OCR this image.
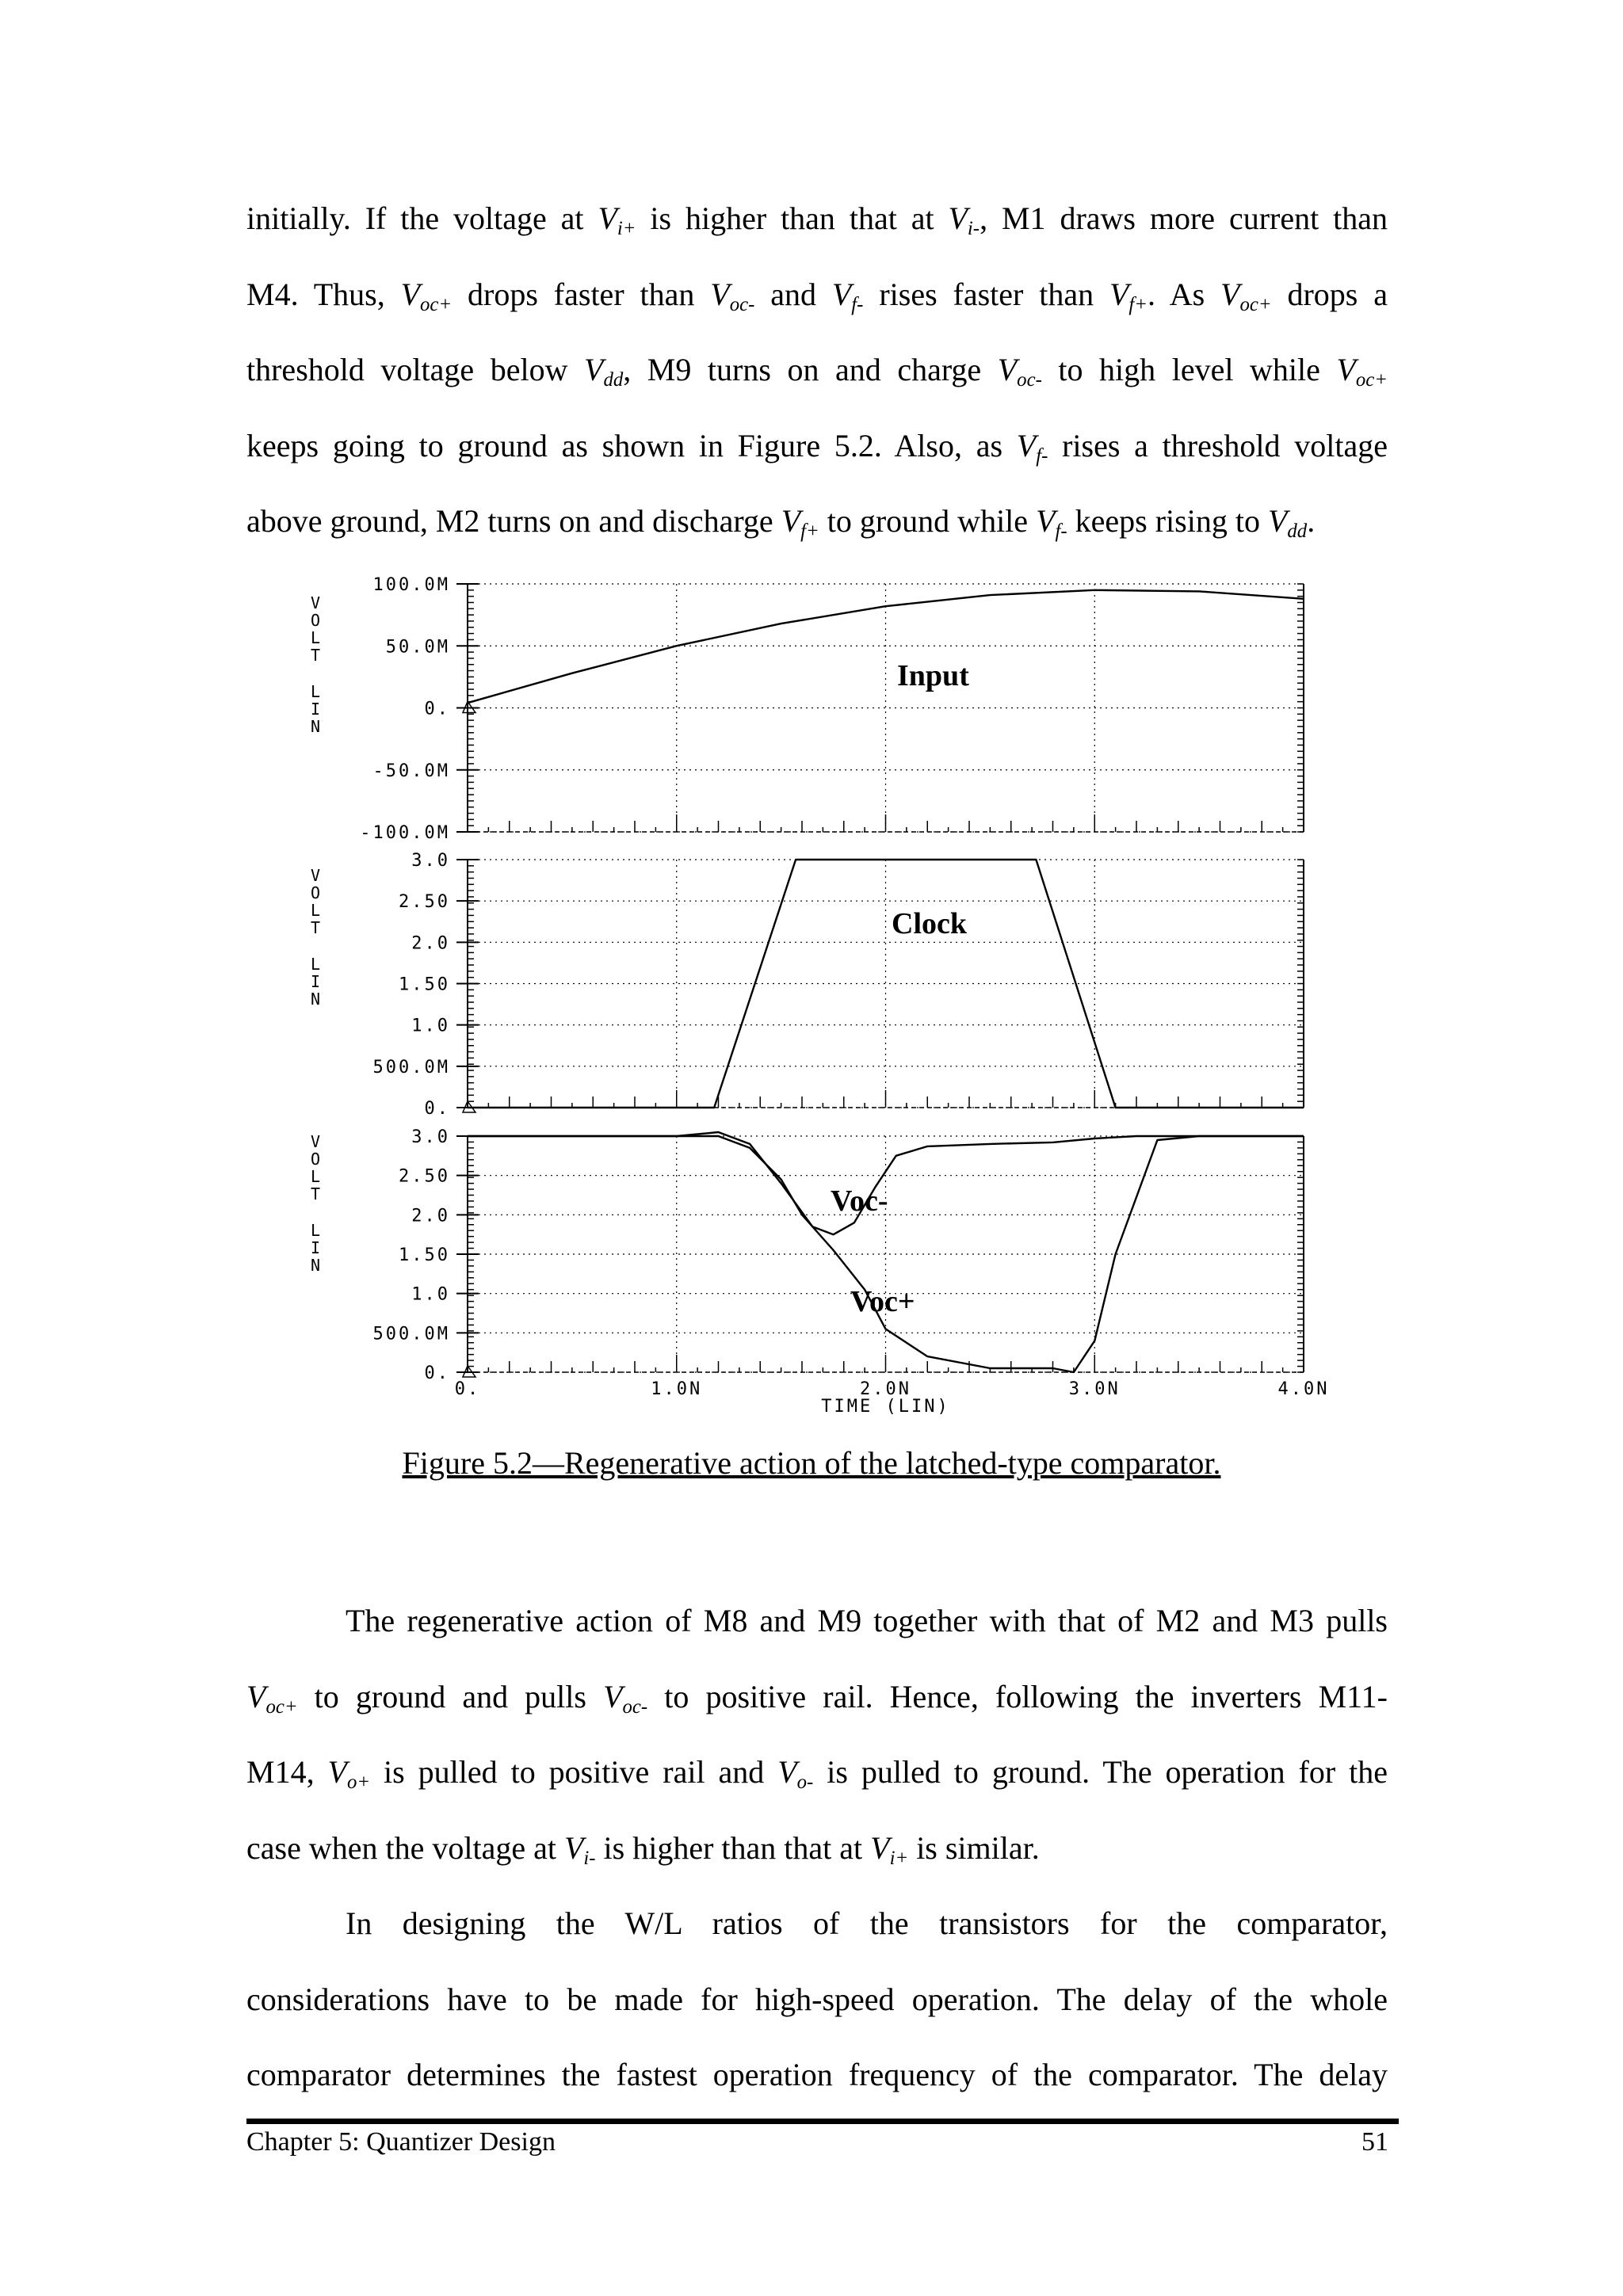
initially. If the voltage at $V_{i+}$ is higher than that at $V_{i-}$, M1 draws more current than
M4. Thus, $V_{oc+}$ drops faster than $V_{oc-}$ and $V_{f-}$ rises faster than $V_{f+}$. As $V_{oc+}$ drops a
threshold voltage below $V_{dd}$, M9 turns on and charge $V_{oc-}$ to high level while $V_{oc+}$
keeps going to ground as shown in Figure 5.2. Also, as $V_{f-}$ rises a threshold voltage
above ground, M2 turns on and discharge $V_{f+}$ to ground while $V_{f-}$ keeps rising to $V_{dd}$.
100.0M
50.0M
0.
-50.0M
-100.0M
V
O
L
T
L
I
N
3.0
2.50
2.0
1.50
1.0
500.0M
0.
V
O
L
T
L
I
N
3.0
2.50
2.0
1.50
1.0
500.0M
0.
V
O
L
T
L
I
N
Input
Clock
Voc-
Voc+
0.	1.0N	2.0N	3.0N	4.0N
TIME (LIN)
Figure 5.2—Regenerative action of the latched-type comparator.
The regenerative action of M8 and M9 together with that of M2 and M3 pulls
$V_{oc+}$ to ground and pulls $V_{oc-}$ to positive rail. Hence, following the inverters M11-
M14, $V_{o+}$ is pulled to positive rail and $V_{o-}$ is pulled to ground. The operation for the
case when the voltage at $V_{i-}$ is higher than that at $V_{i+}$ is similar.
In designing the W/L ratios of the transistors for the comparator,
considerations have to be made for high-speed operation. The delay of the whole
comparator determines the fastest operation frequency of the comparator. The delay
Chapter 5: Quantizer Design	51
